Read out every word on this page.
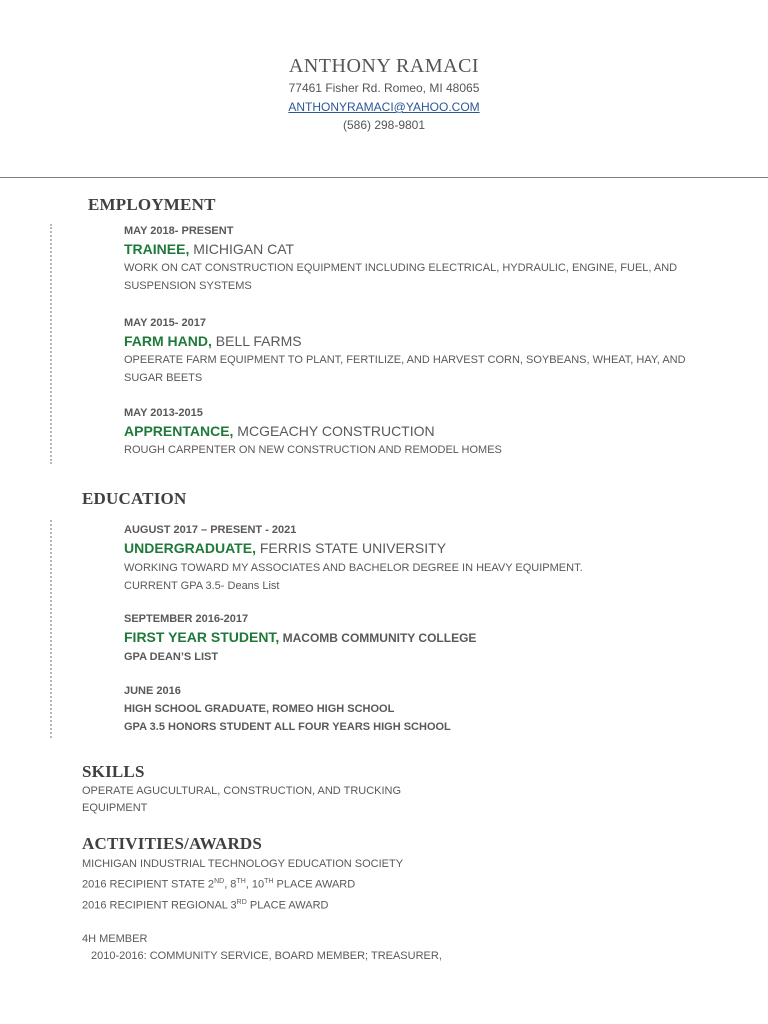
ANTHONY RAMACI
77461 Fisher Rd. Romeo, MI 48065
ANTHONYRAMACI@YAHOO.COM
(586) 298-9801
EMPLOYMENT
MAY 2018- PRESENT
TRAINEE, MICHIGAN CAT
WORK ON CAT CONSTRUCTION EQUIPMENT INCLUDING ELECTRICAL, HYDRAULIC, ENGINE, FUEL, AND SUSPENSION SYSTEMS
MAY 2015- 2017
FARM HAND, BELL FARMS
OPEERATE FARM EQUIPMENT TO PLANT, FERTILIZE, AND HARVEST CORN, SOYBEANS, WHEAT, HAY, AND SUGAR BEETS
MAY 2013-2015
APPRENTANCE, MCGEACHY CONSTRUCTION
ROUGH CARPENTER ON NEW CONSTRUCTION AND REMODEL HOMES
EDUCATION
AUGUST 2017 – PRESENT - 2021
UNDERGRADUATE, FERRIS STATE UNIVERSITY
WORKING TOWARD MY ASSOCIATES AND BACHELOR DEGREE IN HEAVY EQUIPMENT.
CURRENT GPA 3.5- Deans List
SEPTEMBER 2016-2017
FIRST YEAR STUDENT, MACOMB COMMUNITY COLLEGE
GPA DEAN’S LIST
JUNE 2016
HIGH SCHOOL GRADUATE, ROMEO HIGH SCHOOL
GPA 3.5 HONORS STUDENT ALL FOUR YEARS HIGH SCHOOL
SKILLS
OPERATE AGUCULTURAL, CONSTRUCTION, AND TRUCKING
EQUIPMENT
ACTIVITIES/AWARDS
MICHIGAN INDUSTRIAL TECHNOLOGY EDUCATION SOCIETY
2016 RECIPIENT STATE 2ND, 8TH, 10TH PLACE AWARD
2016 RECIPIENT REGIONAL 3RD PLACE AWARD
4H MEMBER
2010-2016: COMMUNITY SERVICE, BOARD MEMBER; TREASURER,
